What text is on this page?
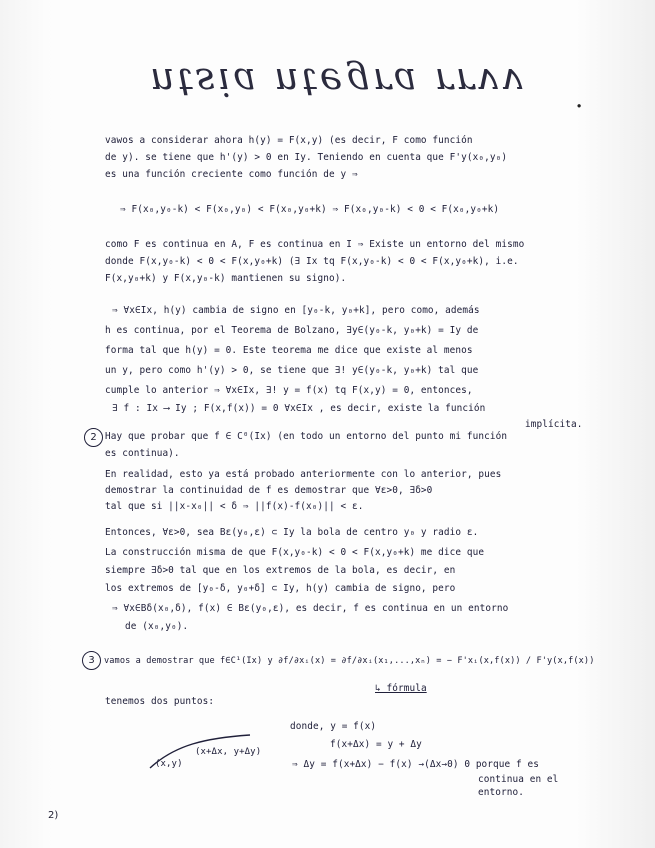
ntsia ntegra rrvv
·
vawos a considerar ahora h(y) = F(x,y) (es decir, F como función
de y). se tiene que h'(y) > 0 en Iy. Teniendo en cuenta que F'y(x₀,y₀)
es una función creciente como función de y ⇒
⇒ F(x₀,y₀-k) < F(x₀,y₀) < F(x₀,y₀+k) ⇒ F(x₀,y₀-k) < 0 < F(x₀,y₀+k)
como F es continua en A, F es continua en I ⇒ Existe un entorno del mismo
donde F(x,y₀-k) < 0 < F(x,y₀+k) (∃ Ix tq F(x,y₀-k) < 0 < F(x,y₀+k), i.e.
F(x,y₀+k) y F(x,y₀-k) mantienen su signo).
⇒ ∀x∈Ix, h(y) cambia de signo en [y₀-k, y₀+k], pero como, además
h es continua, por el Teorema de Bolzano, ∃y∈(y₀-k, y₀+k) = Iy de
forma tal que h(y) = 0. Este teorema me dice que existe al menos
un y, pero como h'(y) > 0, se tiene que ∃! y∈(y₀-k, y₀+k) tal que
cumple lo anterior ⇒ ∀x∈Ix, ∃! y = f(x) tq F(x,y) = 0, entonces,
∃ f : Ix ⟶ Iy ; F(x,f(x)) = 0 ∀x∈Ix , es decir, existe la función
implícita.
2 Hay que probar que f ∈ C⁰(Ix) (en todo un entorno del punto mi función
es continua).
En realidad, esto ya está probado anteriormente con lo anterior, pues
demostrar la continuidad de f es demostrar que ∀ε>0, ∃δ>0
tal que si ||x-x₀|| < δ ⇒ ||f(x)-f(x₀)|| < ε.
Entonces, ∀ε>0, sea Bε(y₀,ε) ⊂ Iy la bola de centro y₀ y radio ε.
La construcción misma de que F(x,y₀-k) < 0 < F(x,y₀+k) me dice que
siempre ∃δ>0 tal que en los extremos de la bola, es decir, en
los extremos de [y₀-δ, y₀+δ] ⊂ Iy, h(y) cambia de signo, pero
⇒ ∀x∈Bδ(x₀,δ), f(x) ∈ Bε(y₀,ε), es decir, f es continua en un entorno
de (x₀,y₀).
3	vamos a demostrar que f∈C¹(Ix) y ∂f/∂xᵢ(x) = ∂f/∂xᵢ(x₁,...,xₙ) = − F'xᵢ(x,f(x)) / F'y(x,f(x))
↳ fórmula
tenemos dos puntos:
donde, y = f(x)
f(x+Δx) = y + Δy
⇒ Δy = f(x+Δx) − f(x) →(Δx→0) 0 porque f es
continua en el
entorno.
(x,y)
(x+Δx, y+Δy)
2)
